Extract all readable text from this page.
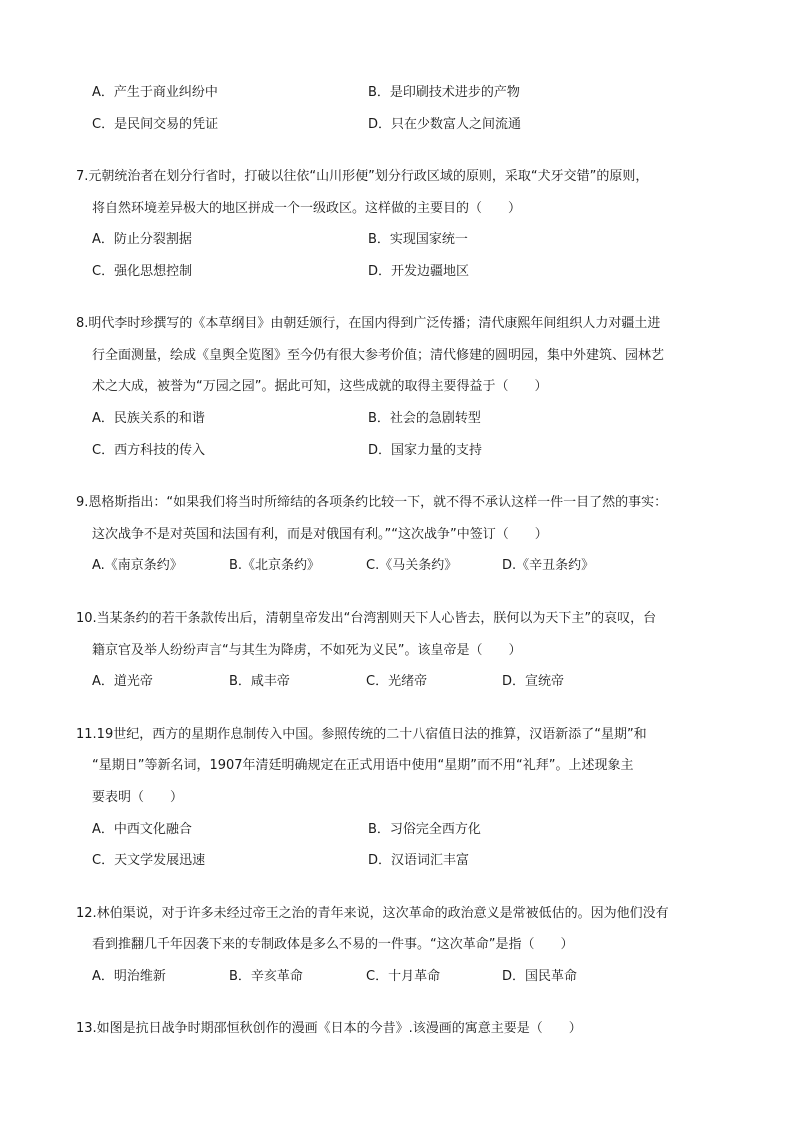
A．产生于商业纠纷中	B．是印刷技术进步的产物
C．是民间交易的凭证	D．只在少数富人之间流通
7.元朝统治者在划分行省时，打破以往依“山川形便”划分行政区域的原则，采取“犬牙交错”的原则，
将自然环境差异极大的地区拼成一个一级政区。这样做的主要目的（　　）
A．防止分裂割据	B．实现国家统一
C．强化思想控制	D．开发边疆地区
8.明代李时珍撰写的《本草纲目》由朝廷颁行，在国内得到广泛传播；清代康熙年间组织人力对疆土进
行全面测量，绘成《皇舆全览图》至今仍有很大参考价值；清代修建的圆明园，集中外建筑、园林艺
术之大成，被誉为“万园之园”。据此可知，这些成就的取得主要得益于（　　）
A．民族关系的和谐	B．社会的急剧转型
C．西方科技的传入	D．国家力量的支持
9.恩格斯指出：“如果我们将当时所缔结的各项条约比较一下，就不得不承认这样一件一目了然的事实：
这次战争不是对英国和法国有利，而是对俄国有利。”“这次战争”中签订（　　）
A.《南京条约》	B.《北京条约》	C.《马关条约》	D.《辛丑条约》
10.当某条约的若干条款传出后，清朝皇帝发出“台湾割则天下人心皆去，朕何以为天下主”的哀叹，台
籍京官及举人纷纷声言“与其生为降虏，不如死为义民”。该皇帝是（　　）
A．道光帝	B．咸丰帝	C．光绪帝	D．宣统帝
11.19世纪，西方的星期作息制传入中国。参照传统的二十八宿值日法的推算，汉语新添了“星期”和
“星期日”等新名词，1907年清廷明确规定在正式用语中使用“星期”而不用“礼拜”。上述现象主
要表明（　　）
A．中西文化融合	B．习俗完全西方化
C．天文学发展迅速	D．汉语词汇丰富
12.林伯渠说，对于许多未经过帝王之治的青年来说，这次革命的政治意义是常被低估的。因为他们没有
看到推翻几千年因袭下来的专制政体是多么不易的一件事。“这次革命”是指（　　）
A．明治维新	B．辛亥革命	C．十月革命	D．国民革命
13.如图是抗日战争时期邵恒秋创作的漫画《日本的今昔》.该漫画的寓意主要是（　　）
